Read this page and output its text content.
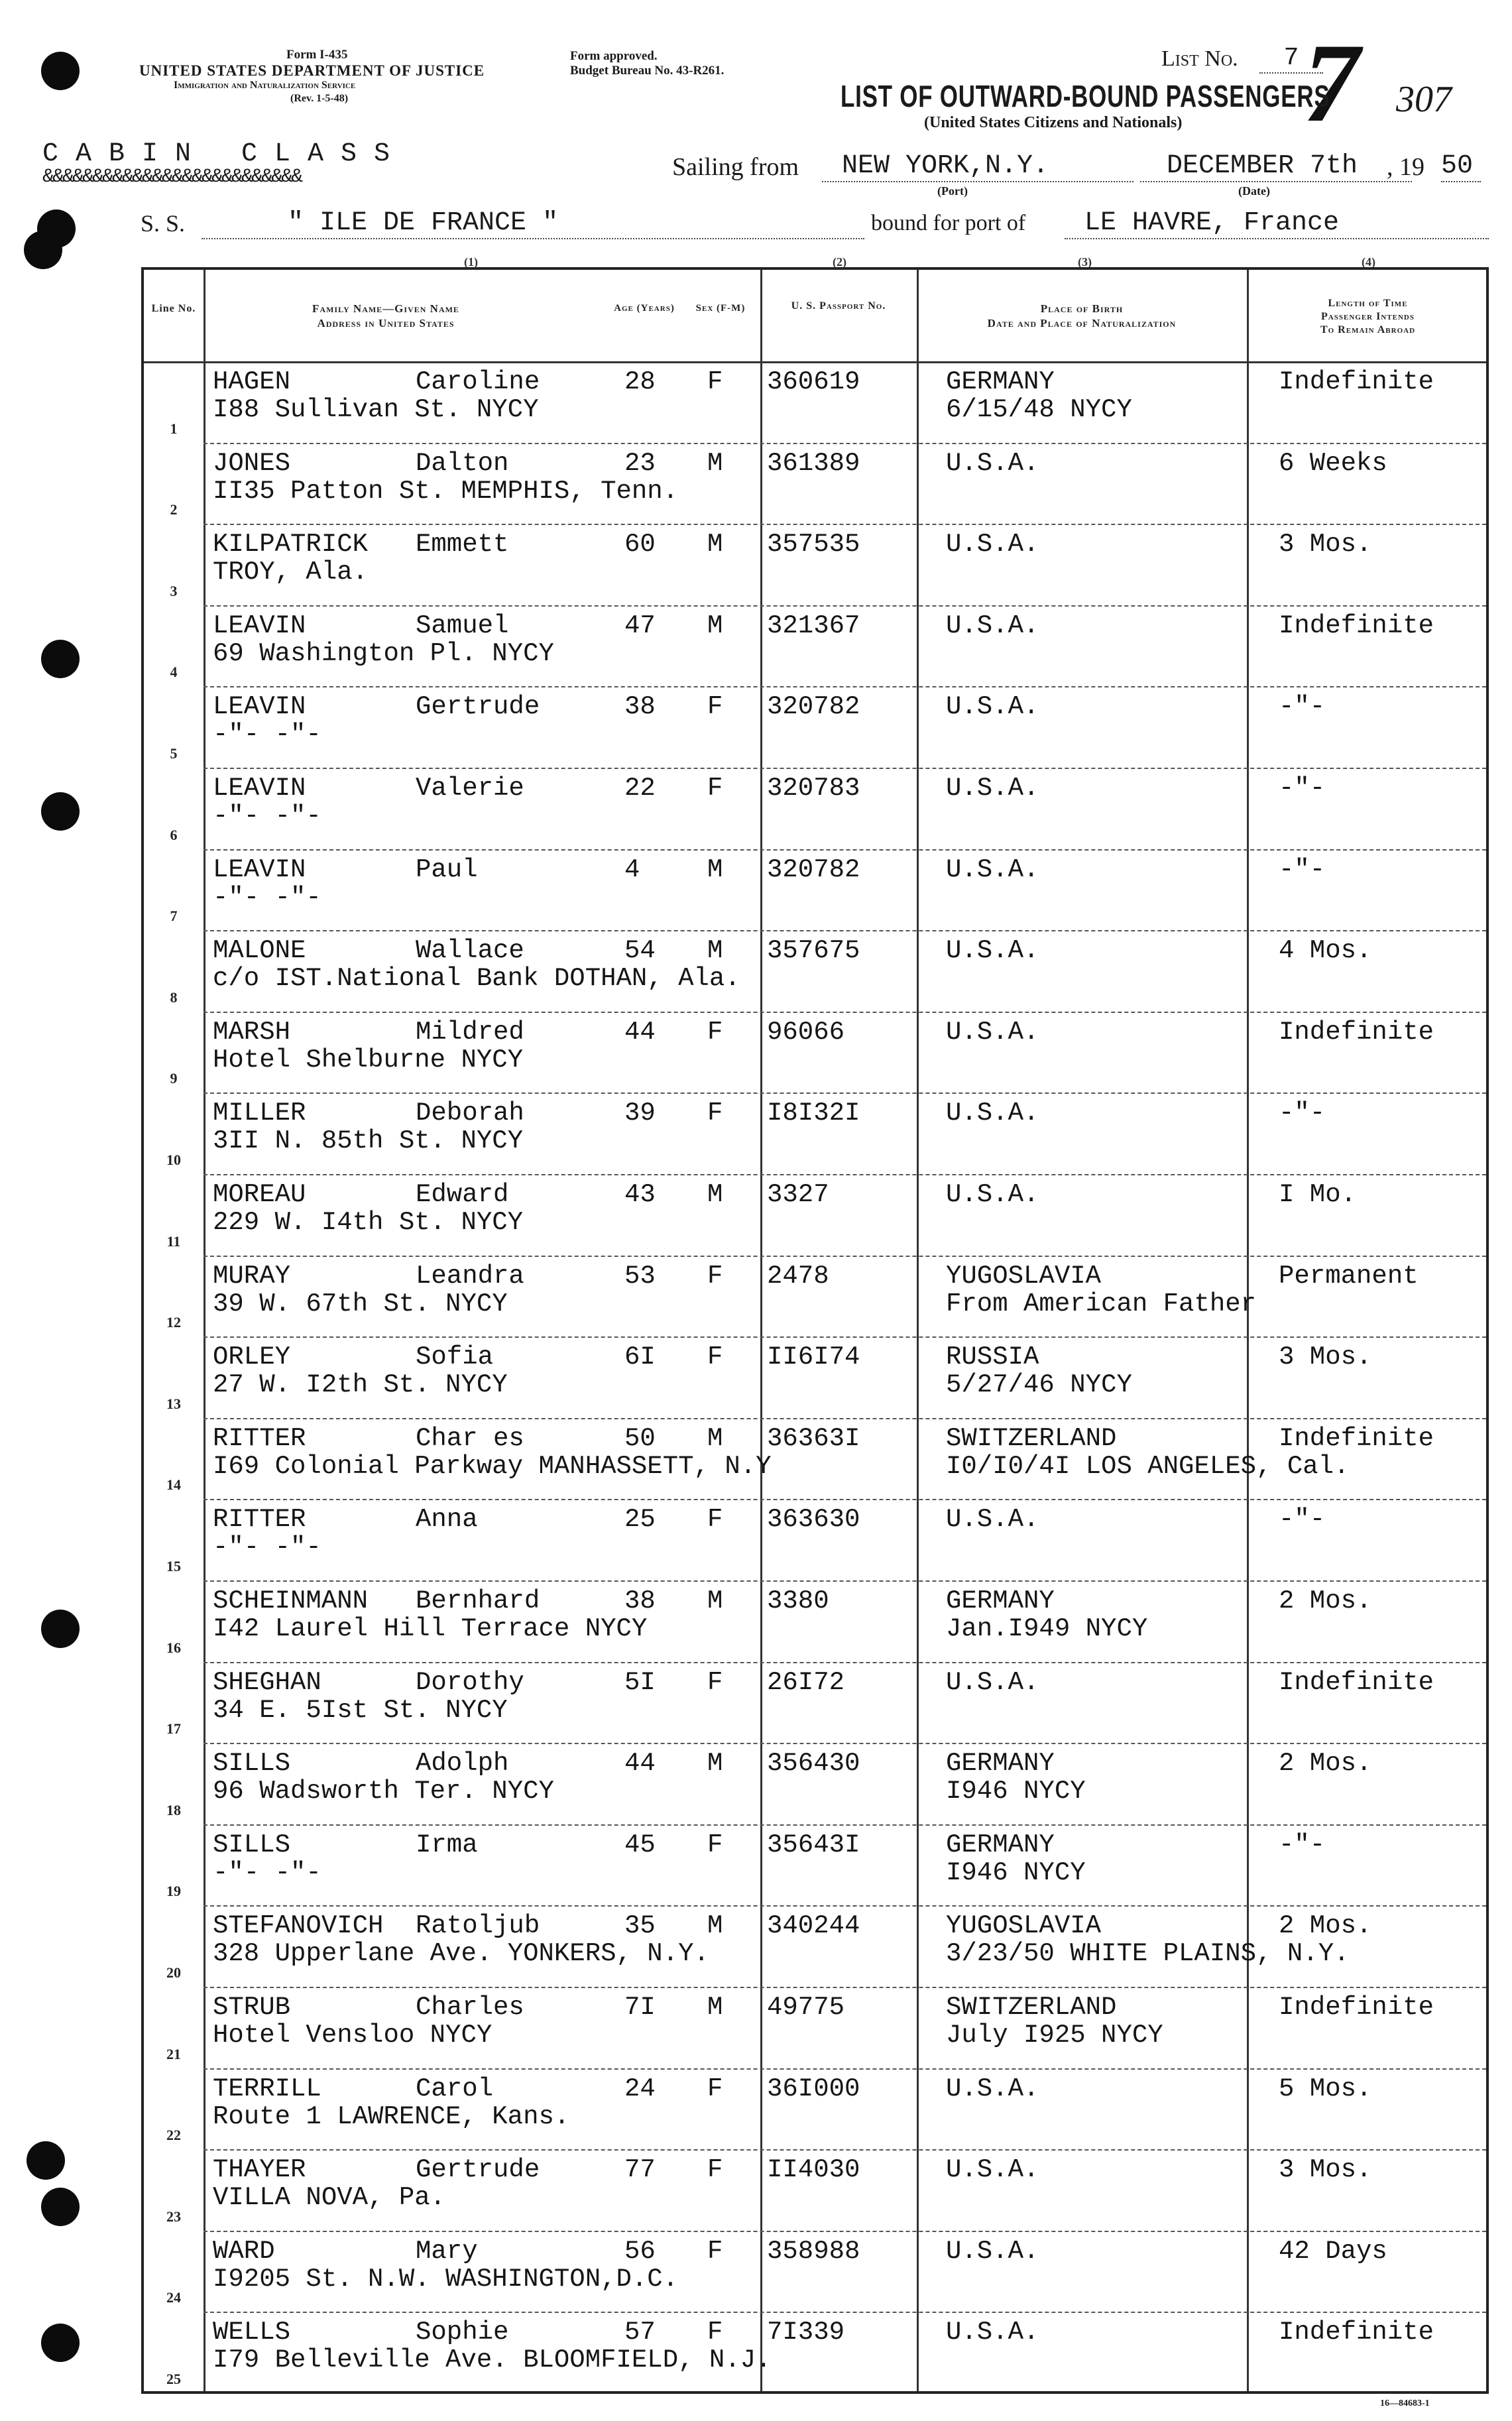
Form I-435
UNITED STATES DEPARTMENT OF JUSTICE
Immigration and Naturalization Service
(Rev. 1-5-48)
Form approved.
Budget Bureau No. 43-R261.	List No.	7 7 307
LIST OF OUTWARD-BOUND PASSENGERS
(United States Citizens and Nationals)
CABIN CLASS
&&&&&&&&&&&&&&&&&&&&&&&&&&	Sailing from	NEW YORK,N.Y.
(Port)
DECEMBER 7th
(Date)
, 19 50
S. S.	" ILE DE FRANCE "	bound for port of	LE HAVRE, France
(1)	(2)	(3)	(4)
Line No.	Family Name—Given Name
Address in United States
Age (Years)	Sex (F-M)	U. S. Passport No.	Place of Birth
Date and Place of Naturalization
Length of Time
Passenger Intends
To Remain Abroad
1
HAGEN	Caroline
I88 Sullivan St. NYCY
28 F 360619	GERMANY
6/15/48 NYCY
Indefinite
2
JONES	Dalton
II35 Patton St. MEMPHIS, Tenn.
23 M 361389	U.S.A.	6 Weeks
3
KILPATRICK Emmett
TROY, Ala.
60 M 357535	U.S.A.	3 Mos.
4
LEAVIN	Samuel
69 Washington Pl. NYCY
47 M 321367	U.S.A.	Indefinite
5
LEAVIN	Gertrude
-"- -"-
38 F 320782	U.S.A.	-"-
6
LEAVIN	Valerie
-"- -"-
22 F 320783	U.S.A.	-"-
7
LEAVIN	Paul
-"- -"-
4	M 320782	U.S.A.	-"-
8
MALONE	Wallace
c/o IST.National Bank DOTHAN, Ala.
54 M 357675	U.S.A.	4 Mos.
9
MARSH	Mildred
Hotel Shelburne NYCY
44 F 96066	U.S.A.	Indefinite
10
MILLER	Deborah
3II N. 85th St. NYCY
39 F I8I32I	U.S.A.	-"-
11
MOREAU	Edward
229 W. I4th St. NYCY
43 M 3327	U.S.A.	I Mo.
12
MURAY	Leandra
39 W. 67th St. NYCY
53 F 2478	YUGOSLAVIA
From American Father
Permanent
13
ORLEY	Sofia
27 W. I2th St. NYCY
6I F II6I74	RUSSIA
5/27/46 NYCY
3 Mos.
14
RITTER	Char es
I69 Colonial Parkway MANHASSETT, N.Y
50 M 36363I	SWITZERLAND
I0/I0/4I LOS ANGELES, Cal.
Indefinite
15
RITTER	Anna
-"- -"-
25 F 363630	U.S.A.	-"-
16
SCHEINMANN Bernhard
I42 Laurel Hill Terrace NYCY
38 M 3380	GERMANY
Jan.I949 NYCY
2 Mos.
17
SHEGHAN	Dorothy
34 E. 5Ist St. NYCY
5I F 26I72	U.S.A.	Indefinite
18
SILLS	Adolph
96 Wadsworth Ter. NYCY
44 M 356430	GERMANY
I946 NYCY
2 Mos.
19
SILLS	Irma
-"- -"-
45 F 35643I	GERMANY
I946 NYCY
-"-
20
STEFANOVICH Ratoljub
328 Upperlane Ave. YONKERS, N.Y.
35 M 340244	YUGOSLAVIA
3/23/50 WHITE PLAINS, N.Y.
2 Mos.
21
STRUB	Charles
Hotel Vensloo NYCY
7I M 49775	SWITZERLAND
July I925 NYCY
Indefinite
22
TERRILL	Carol
Route 1 LAWRENCE, Kans.
24 F 36I000	U.S.A.	5 Mos.
23
THAYER	Gertrude
VILLA NOVA, Pa.
77 F II4030	U.S.A.	3 Mos.
24
WARD	Mary
I9205 St. N.W. WASHINGTON,D.C.
56 F 358988	U.S.A.	42 Days
25
WELLS	Sophie
I79 Belleville Ave. BLOOMFIELD, N.J.
57 F 7I339	U.S.A.	Indefinite
16—84683-1
